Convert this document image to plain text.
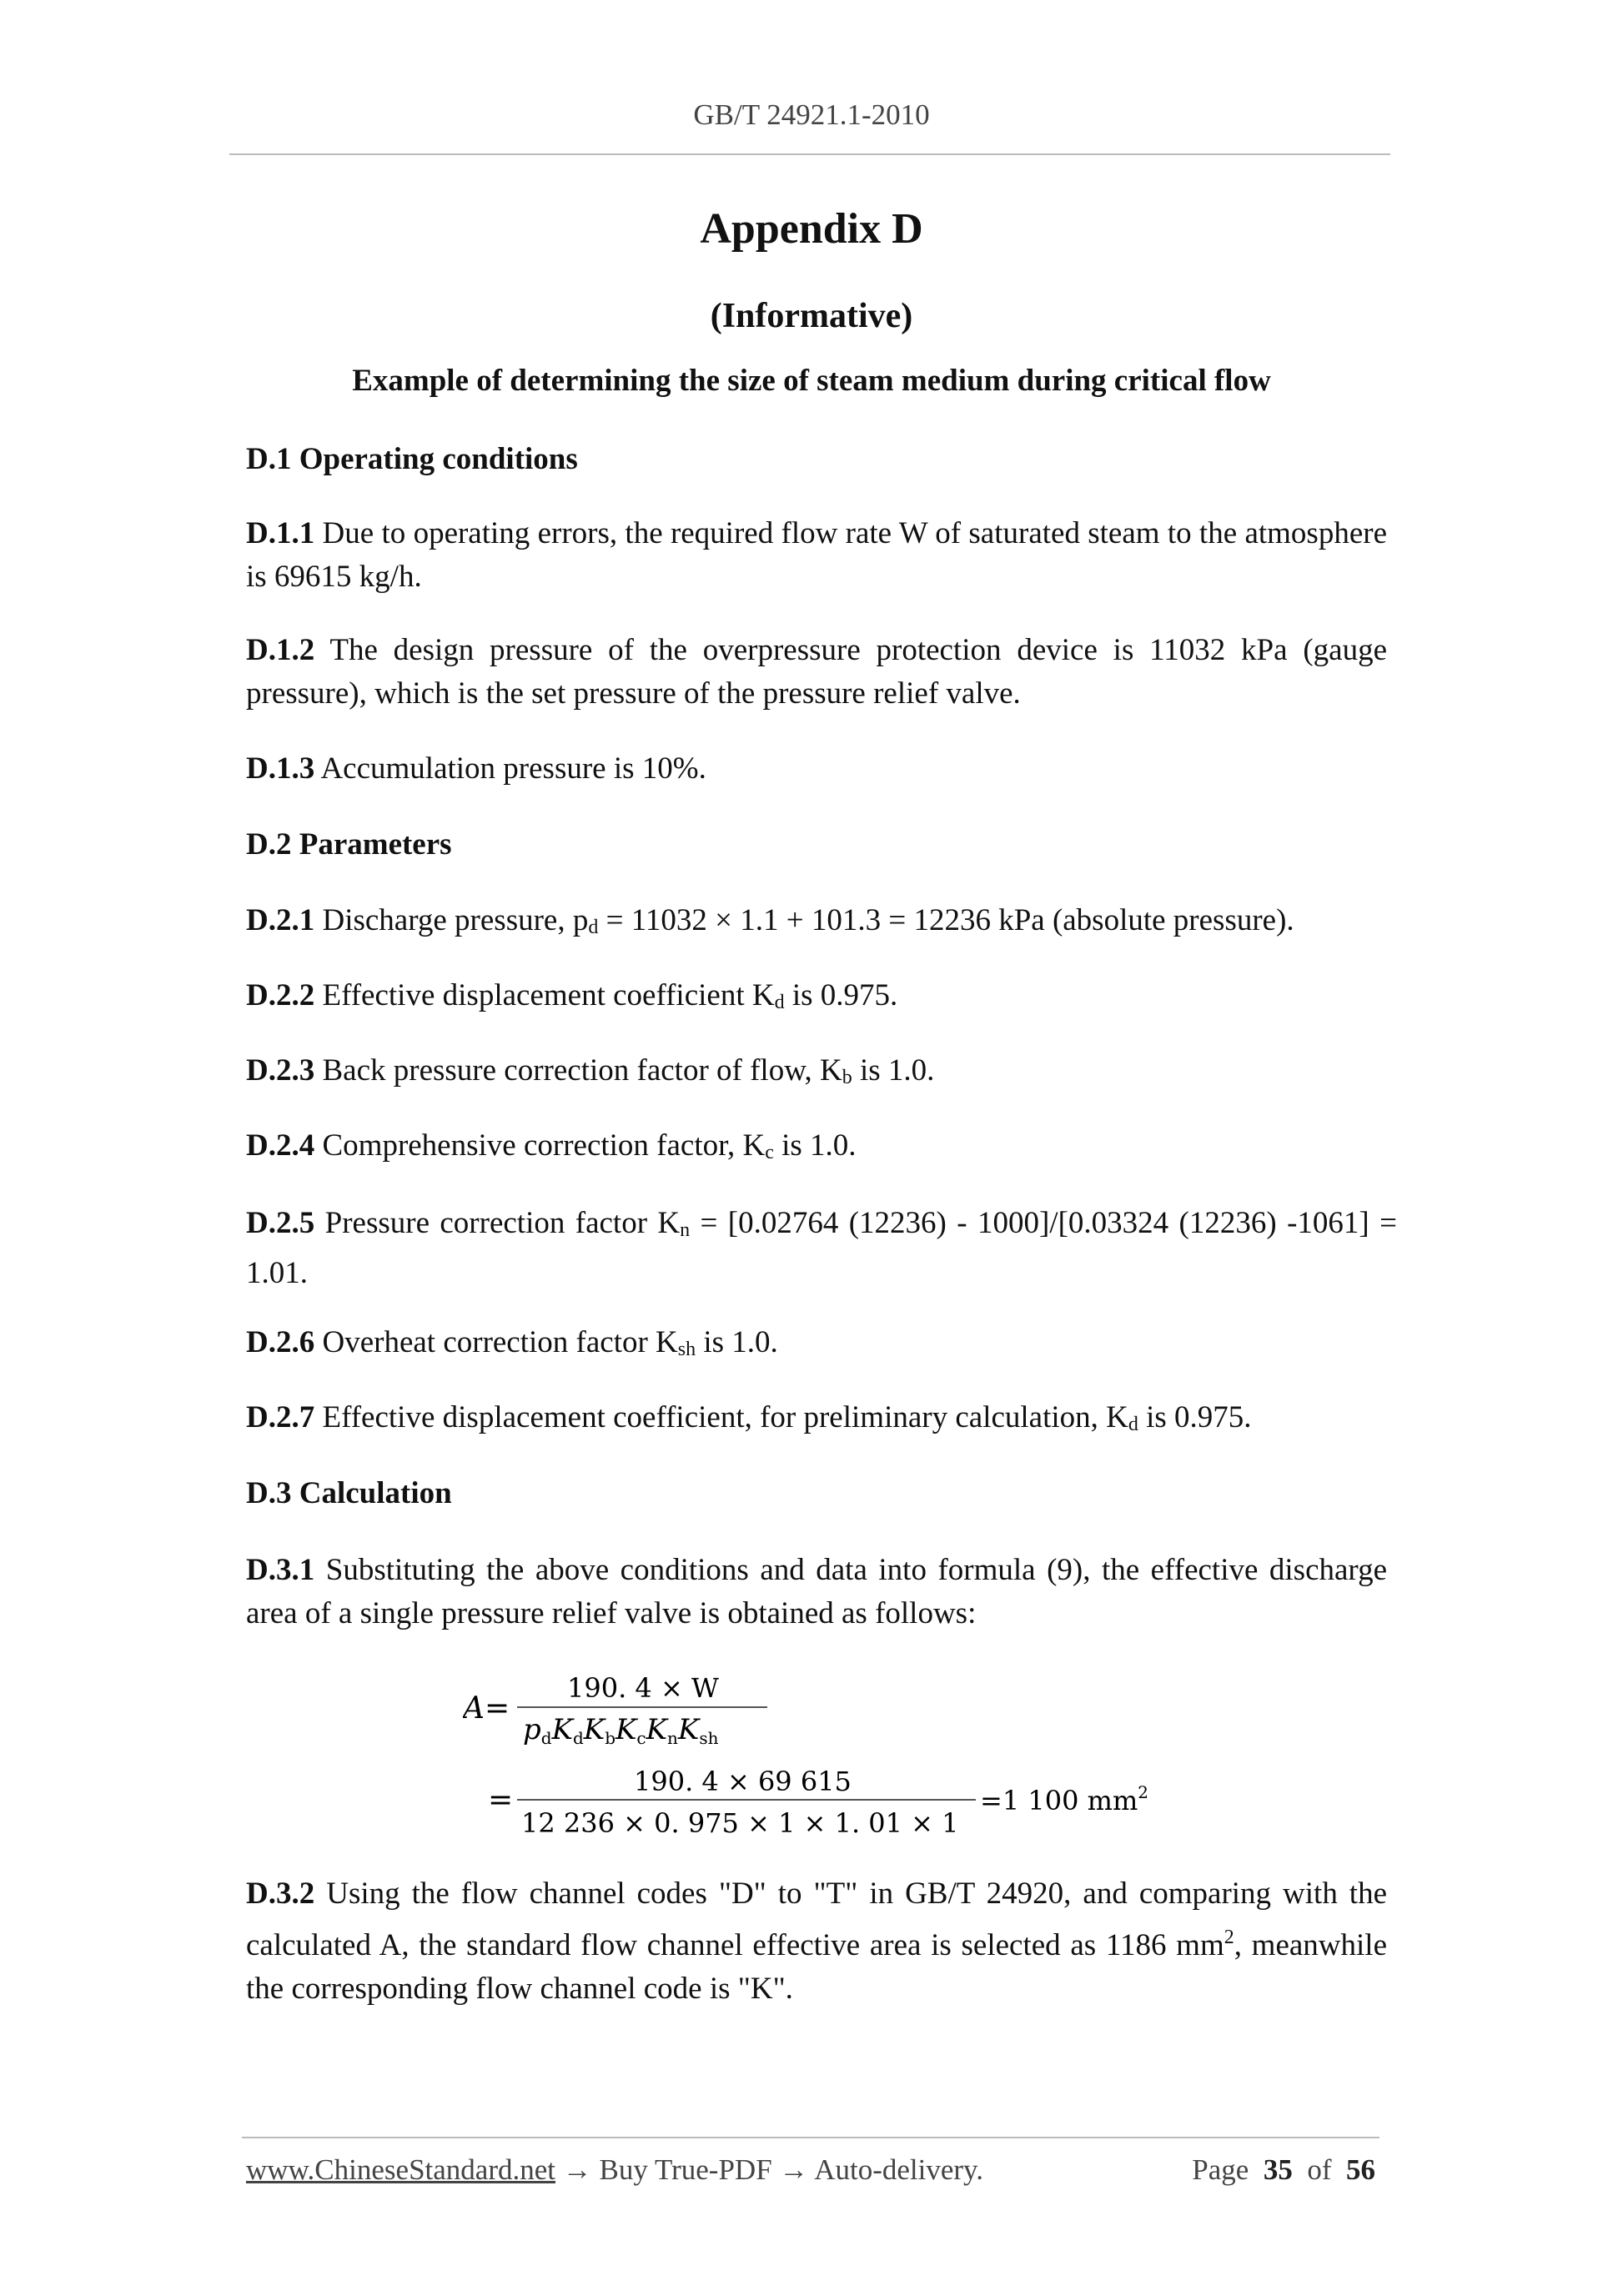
GB/T 24921.1-2010
Appendix D
(Informative)
Example of determining the size of steam medium during critical flow
D.1 Operating conditions
D.1.1 Due to operating errors, the required flow rate W of saturated steam to the atmosphere is 69615 kg/h.
D.1.2 The design pressure of the overpressure protection device is 11032 kPa (gauge pressure), which is the set pressure of the pressure relief valve.
D.1.3 Accumulation pressure is 10%.
D.2 Parameters
D.2.1 Discharge pressure, pd = 11032 × 1.1 + 101.3 = 12236 kPa (absolute pressure).
D.2.2 Effective displacement coefficient Kd is 0.975.
D.2.3 Back pressure correction factor of flow, Kb is 1.0.
D.2.4 Comprehensive correction factor, Kc is 1.0.
D.2.5 Pressure correction factor Kn = [0.02764 (12236) - 1000]/[0.03324 (12236) -1061] = 1.01.
D.2.6 Overheat correction factor Ksh is 1.0.
D.2.7 Effective displacement coefficient, for preliminary calculation, Kd is 0.975.
D.3 Calculation
D.3.1 Substituting the above conditions and data into formula (9), the effective discharge area of a single pressure relief valve is obtained as follows:
A=
190. 4 × W
pdKdKbKcKnKsh
=
190. 4 × 69 615
12 236 × 0. 975 × 1 × 1. 01 × 1
=1 100 $mm^2$
D.3.2 Using the flow channel codes "D" to "T" in GB/T 24920, and comparing with the calculated A, the standard flow channel effective area is selected as 1186 $mm^2$, meanwhile the corresponding flow channel code is "K".
www.ChineseStandard.net → Buy True-PDF → Auto-delivery.	Page 35 of 56
